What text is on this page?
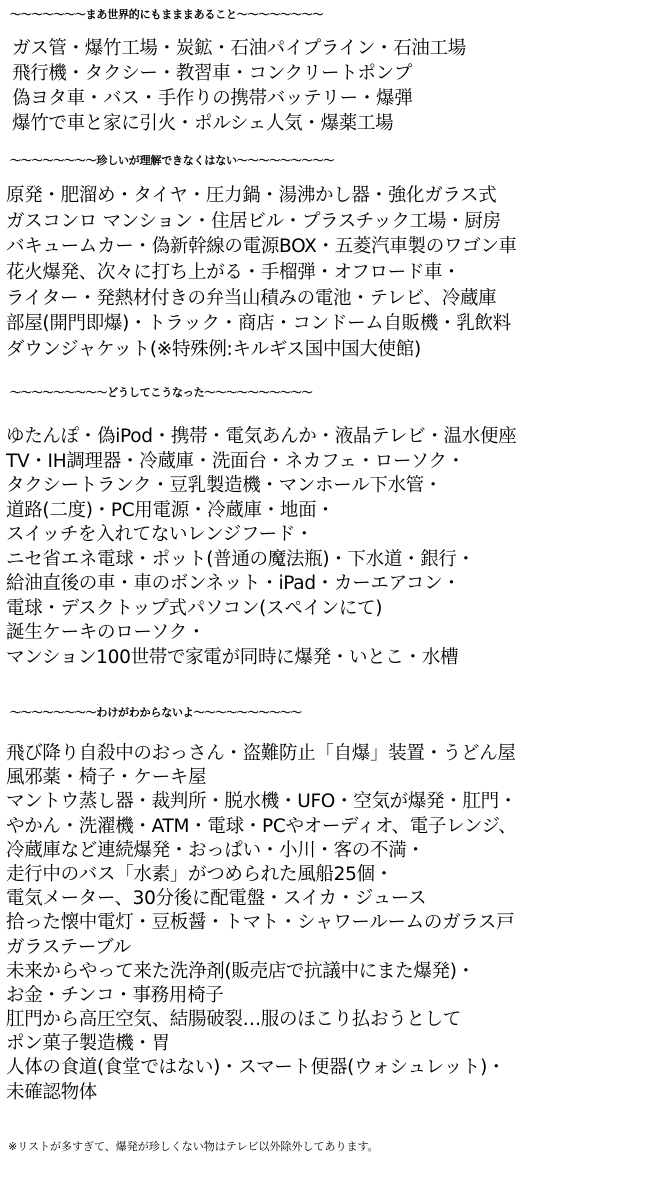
〜〜〜〜〜〜〜まあ世界的にもまままあること〜〜〜〜〜〜〜〜
ガス管・爆竹工場・炭鉱・石油パイプライン・石油工場
飛行機・タクシー・教習車・コンクリートポンプ
偽ヨタ車・バス・手作りの携帯バッテリー・爆弾
爆竹で車と家に引火・ポルシェ人気・爆薬工場
〜〜〜〜〜〜〜〜珍しいが理解できなくはない〜〜〜〜〜〜〜〜〜
原発・肥溜め・タイヤ・圧力鍋・湯沸かし器・強化ガラス式
ガスコンロ マンション・住居ビル・プラスチック工場・厨房
バキュームカー・偽新幹線の電源BOX・五菱汽車製のワゴン車
花火爆発、次々に打ち上がる・手榴弾・オフロード車・
ライター・発熱材付きの弁当山積みの電池・テレビ、冷蔵庫
部屋(開門即爆)・トラック・商店・コンドーム自販機・乳飲料
ダウンジャケット(※特殊例:キルギス国中国大使館)
〜〜〜〜〜〜〜〜〜どうしてこうなった〜〜〜〜〜〜〜〜〜〜
ゆたんぽ・偽iPod・携帯・電気あんか・液晶テレビ・温水便座
TV・IH調理器・冷蔵庫・洗面台・ネカフェ・ローソク・
タクシートランク・豆乳製造機・マンホール下水管・
道路(二度)・PC用電源・冷蔵庫・地面・
スイッチを入れてないレンジフード・
ニセ省エネ電球・ポット(普通の魔法瓶)・下水道・銀行・
給油直後の車・車のボンネット・iPad・カーエアコン・
電球・デスクトップ式パソコン(スペインにて)
誕生ケーキのローソク・
マンション100世帯で家電が同時に爆発・いとこ・水槽
〜〜〜〜〜〜〜〜わけがわからないよ〜〜〜〜〜〜〜〜〜〜
飛び降り自殺中のおっさん・盗難防止「自爆」装置・うどん屋
風邪薬・椅子・ケーキ屋
マントウ蒸し器・裁判所・脱水機・UFO・空気が爆発・肛門・
やかん・洗濯機・ATM・電球・PCやオーディオ、電子レンジ、
冷蔵庫など連続爆発・おっぱい・小川・客の不満・
走行中のバス「水素」がつめられた風船25個・
電気メーター、30分後に配電盤・スイカ・ジュース
拾った懐中電灯・豆板醤・トマト・シャワールームのガラス戸
ガラステーブル
未来からやって来た洗浄剤(販売店で抗議中にまた爆発)・
お金・チンコ・事務用椅子
肛門から高圧空気、結腸破裂…服のほこり払おうとして
ポン菓子製造機・胃
人体の食道(食堂ではない)・スマート便器(ウォシュレット)・
未確認物体
※リストが多すぎて、爆発が珍しくない物はテレビ以外除外してあります。
